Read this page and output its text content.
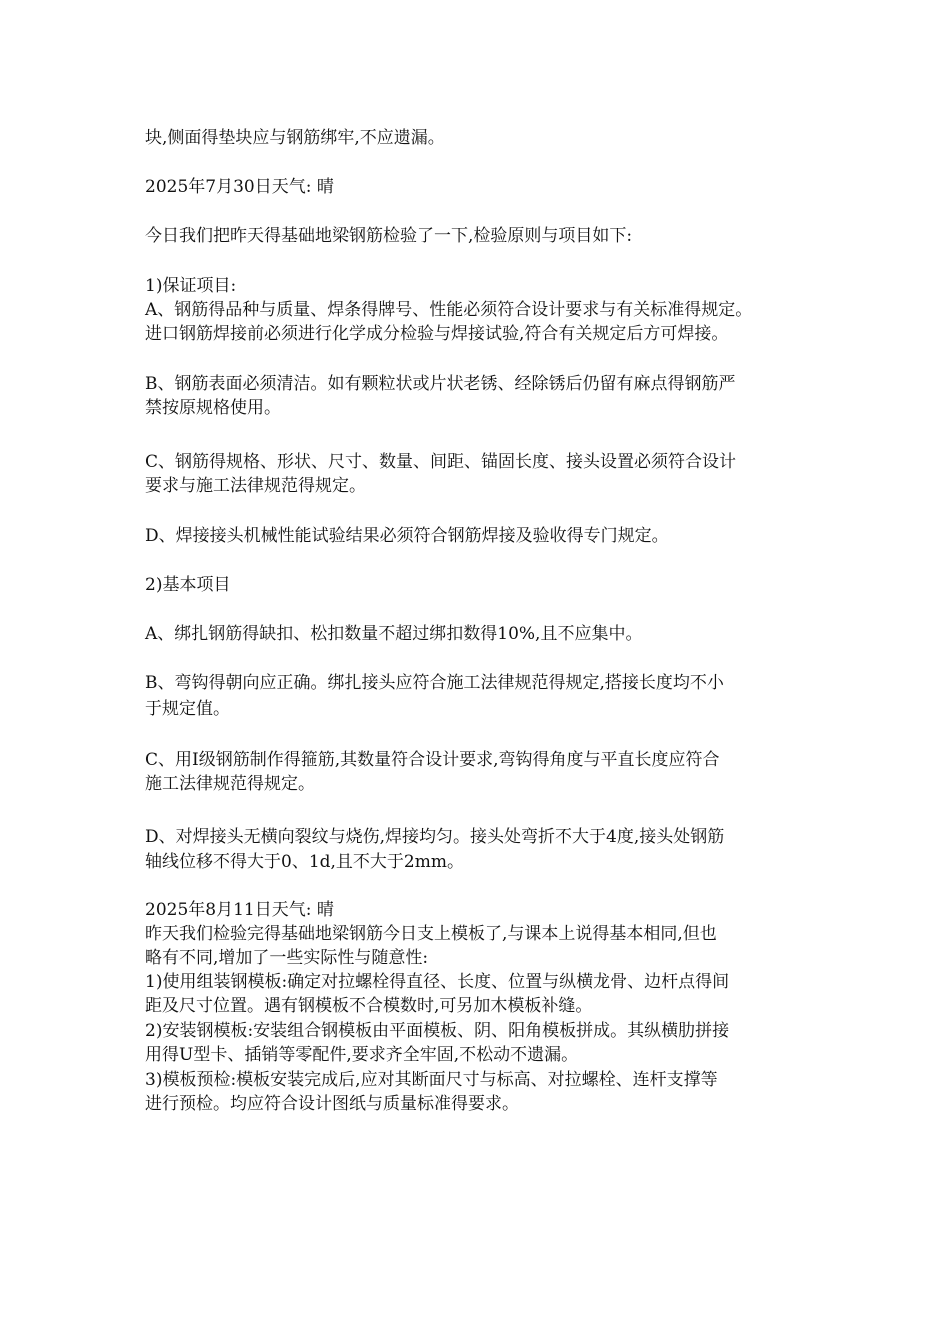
块,侧面得垫块应与钢筋绑牢,不应遗漏。
2025年7月30日天气: 晴
今日我们把昨天得基础地梁钢筋检验了一下,检验原则与项目如下:
1)保证项目:
A、钢筋得品种与质量、焊条得牌号、性能必须符合设计要求与有关标准得规定。
进口钢筋焊接前必须进行化学成分检验与焊接试验,符合有关规定后方可焊接。
B、钢筋表面必须清洁。如有颗粒状或片状老锈、经除锈后仍留有麻点得钢筋严
禁按原规格使用。
C、钢筋得规格、形状、尺寸、数量、间距、锚固长度、接头设置必须符合设计
要求与施工法律规范得规定。
D、焊接接头机械性能试验结果必须符合钢筋焊接及验收得专门规定。
2)基本项目
A、绑扎钢筋得缺扣、松扣数量不超过绑扣数得10%,且不应集中。
B、弯钩得朝向应正确。绑扎接头应符合施工法律规范得规定,搭接长度均不小
于规定值。
C、用Ⅰ级钢筋制作得箍筋,其数量符合设计要求,弯钩得角度与平直长度应符合
施工法律规范得规定。
D、对焊接头无横向裂纹与烧伤,焊接均匀。接头处弯折不大于4度,接头处钢筋
轴线位移不得大于0、1d,且不大于2mm。
2025年8月11日天气: 晴
昨天我们检验完得基础地梁钢筋今日支上模板了,与课本上说得基本相同,但也
略有不同,增加了一些实际性与随意性:
1)使用组装钢模板:确定对拉螺栓得直径、长度、位置与纵横龙骨、边杆点得间
距及尺寸位置。遇有钢模板不合模数时,可另加木模板补缝。
2)安装钢模板:安装组合钢模板由平面模板、阴、阳角模板拼成。其纵横肋拼接
用得U型卡、插销等零配件,要求齐全牢固,不松动不遗漏。
3)模板预检:模板安装完成后,应对其断面尺寸与标高、对拉螺栓、连杆支撑等
进行预检。均应符合设计图纸与质量标准得要求。
